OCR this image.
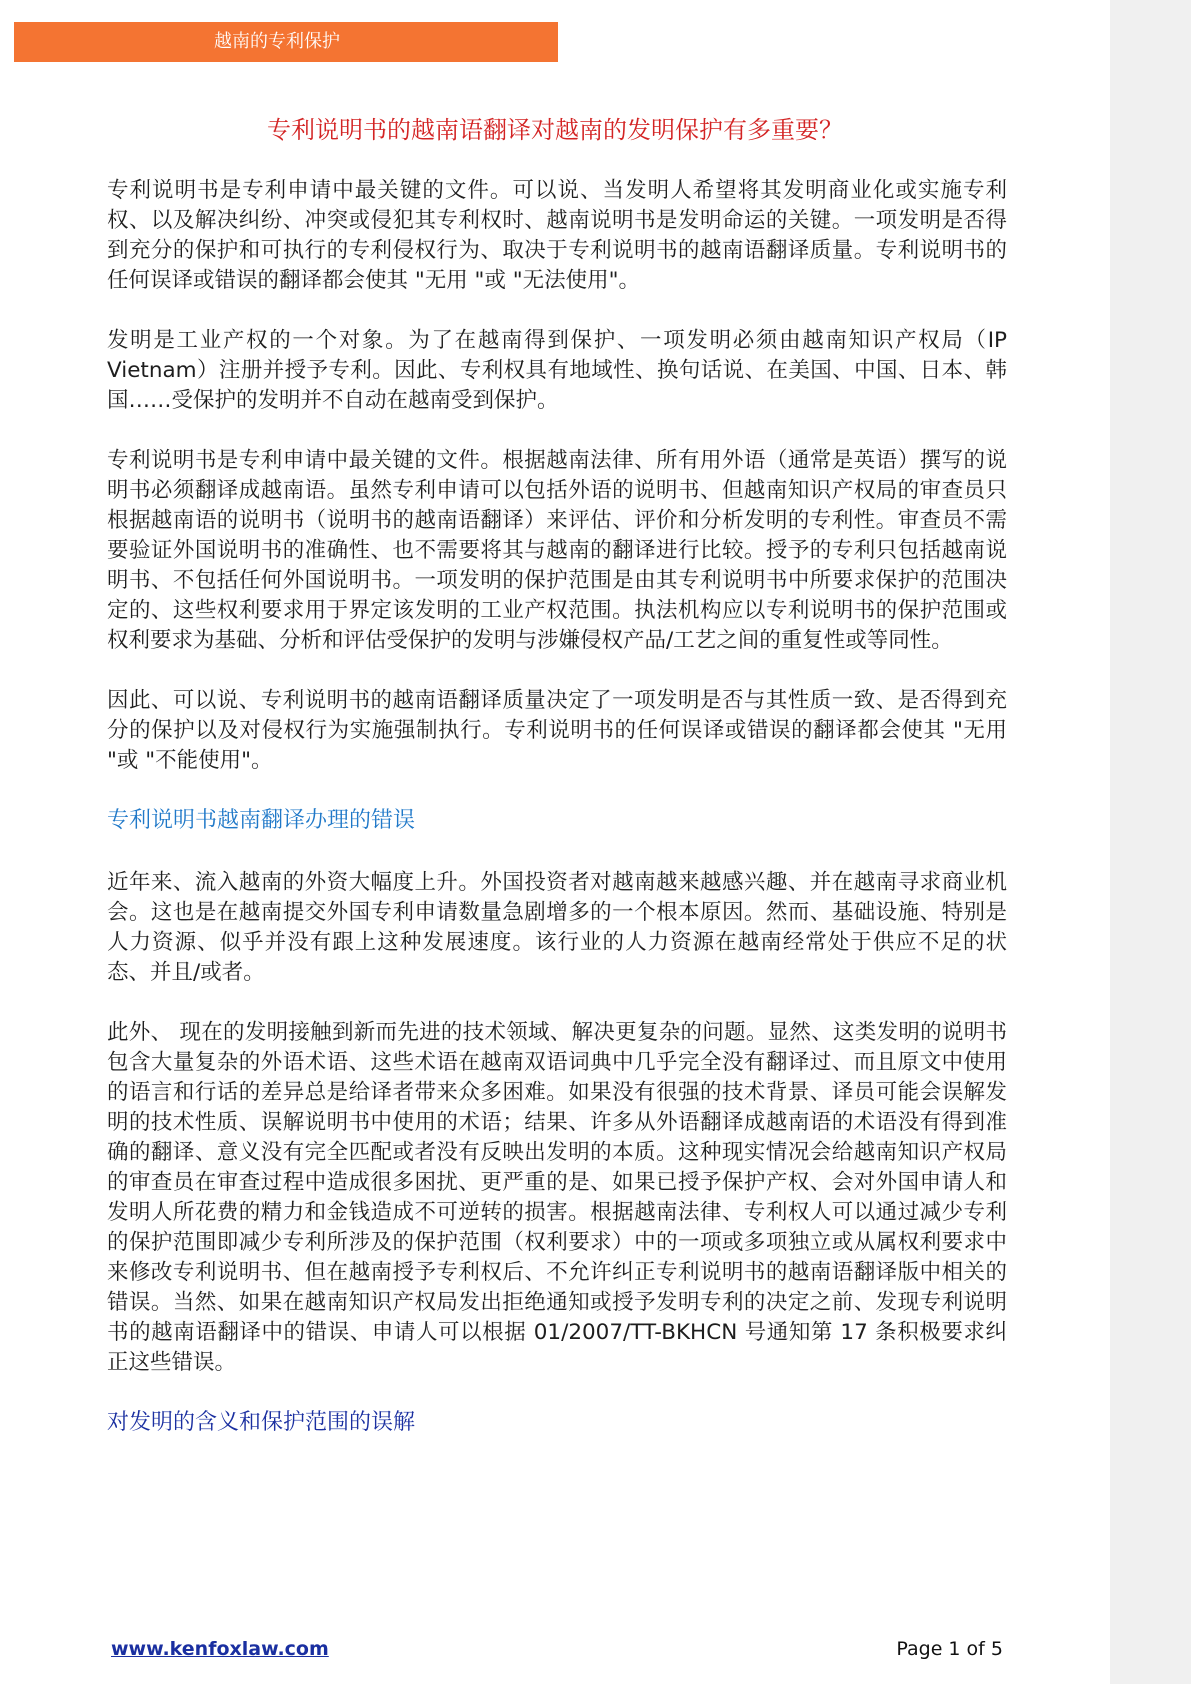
越南的专利保护
专利说明书的越南语翻译对越南的发明保护有多重要？

专利说明书是专利申请中最关键的文件。可以说、当发明人希望将其发明商业化或实施专利权、以及解决纠纷、冲突或侵犯其专利权时、越南说明书是发明命运的关键。一项发明是否得到充分的保护和可执行的专利侵权行为、取决于专利说明书的越南语翻译质量。专利说明书的任何误译或错误的翻译都会使其 "无用 "或 "无法使用"。

发明是工业产权的一个对象。为了在越南得到保护、一项发明必须由越南知识产权局（IP Vietnam）注册并授予专利。因此、专利权具有地域性、换句话说、在美国、中国、日本、韩国……受保护的发明并不自动在越南受到保护。

专利说明书是专利申请中最关键的文件。根据越南法律、所有用外语（通常是英语）撰写的说明书必须翻译成越南语。虽然专利申请可以包括外语的说明书、但越南知识产权局的审查员只根据越南语的说明书（说明书的越南语翻译）来评估、评价和分析发明的专利性。审查员不需要验证外国说明书的准确性、也不需要将其与越南的翻译进行比较。授予的专利只包括越南说明书、不包括任何外国说明书。一项发明的保护范围是由其专利说明书中所要求保护的范围决定的、这些权利要求用于界定该发明的工业产权范围。执法机构应以专利说明书的保护范围或权利要求为基础、分析和评估受保护的发明与涉嫌侵权产品/工艺之间的重复性或等同性。

因此、可以说、专利说明书的越南语翻译质量决定了一项发明是否与其性质一致、是否得到充分的保护以及对侵权行为实施强制执行。专利说明书的任何误译或错误的翻译都会使其 "无用 "或 "不能使用"。

专利说明书越南翻译办理的错误

近年来、流入越南的外资大幅度上升。外国投资者对越南越来越感兴趣、并在越南寻求商业机会。这也是在越南提交外国专利申请数量急剧增多的一个根本原因。然而、基础设施、特别是人力资源、似乎并没有跟上这种发展速度。该行业的人力资源在越南经常处于供应不足的状态、并且/或者。

此外、 现在的发明接触到新而先进的技术领域、解决更复杂的问题。显然、这类发明的说明书包含大量复杂的外语术语、这些术语在越南双语词典中几乎完全没有翻译过、而且原文中使用的语言和行话的差异总是给译者带来众多困难。如果没有很强的技术背景、译员可能会误解发明的技术性质、误解说明书中使用的术语；结果、许多从外语翻译成越南语的术语没有得到准确的翻译、意义没有完全匹配或者没有反映出发明的本质。这种现实情况会给越南知识产权局的审查员在审查过程中造成很多困扰、更严重的是、如果已授予保护产权、会对外国申请人和发明人所花费的精力和金钱造成不可逆转的损害。根据越南法律、专利权人可以通过减少专利的保护范围即减少专利所涉及的保护范围（权利要求）中的一项或多项独立或从属权利要求中来修改专利说明书、但在越南授予专利权后、不允许纠正专利说明书的越南语翻译版中相关的错误。当然、如果在越南知识产权局发出拒绝通知或授予发明专利的决定之前、发现专利说明书的越南语翻译中的错误、申请人可以根据 01/2007/TT-BKHCN 号通知第 17 条积极要求纠正这些错误。

对发明的含义和保护范围的误解
www.kenfoxlaw.com	Page 1 of 5
